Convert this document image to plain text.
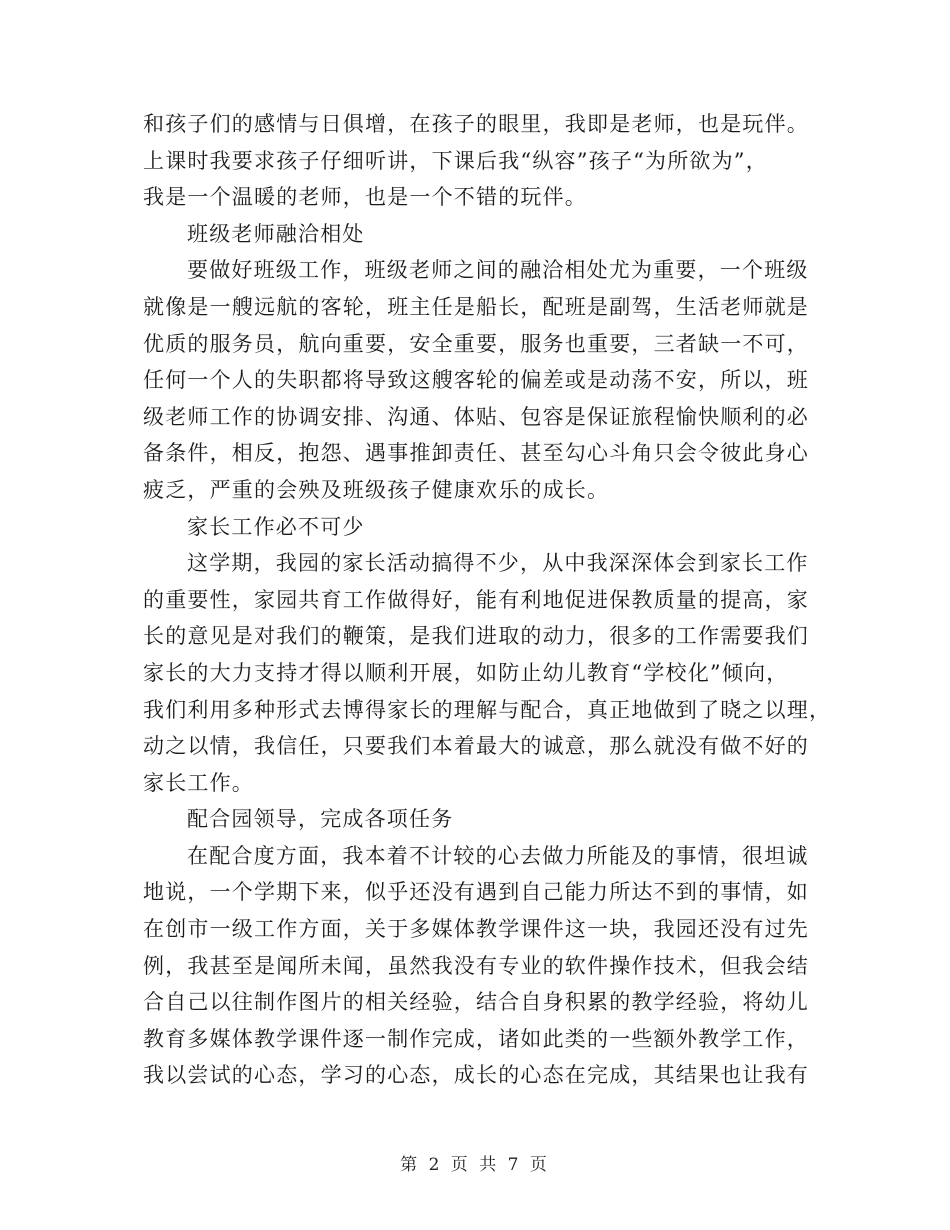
和孩子们的感情与日俱增，在孩子的眼里，我即是老师，也是玩伴。
上课时我要求孩子仔细听讲，下课后我“纵容”孩子“为所欲为”，
我是一个温暖的老师，也是一个不错的玩伴。
班级老师融洽相处
要做好班级工作，班级老师之间的融洽相处尤为重要，一个班级
就像是一艘远航的客轮，班主任是船长，配班是副驾，生活老师就是
优质的服务员，航向重要，安全重要，服务也重要，三者缺一不可，
任何一个人的失职都将导致这艘客轮的偏差或是动荡不安，所以，班
级老师工作的协调安排、沟通、体贴、包容是保证旅程愉快顺利的必
备条件，相反，抱怨、遇事推卸责任、甚至勾心斗角只会令彼此身心
疲乏，严重的会殃及班级孩子健康欢乐的成长。
家长工作必不可少
这学期，我园的家长活动搞得不少，从中我深深体会到家长工作
的重要性，家园共育工作做得好，能有利地促进保教质量的提高，家
长的意见是对我们的鞭策，是我们进取的动力，很多的工作需要我们
家长的大力支持才得以顺利开展，如防止幼儿教育“学校化”倾向，
我们利用多种形式去博得家长的理解与配合，真正地做到了晓之以理，
动之以情，我信任，只要我们本着最大的诚意，那么就没有做不好的
家长工作。
配合园领导，完成各项任务
在配合度方面，我本着不计较的心去做力所能及的事情，很坦诚
地说，一个学期下来，似乎还没有遇到自己能力所达不到的事情，如
在创市一级工作方面，关于多媒体教学课件这一块，我园还没有过先
例，我甚至是闻所未闻，虽然我没有专业的软件操作技术，但我会结
合自己以往制作图片的相关经验，结合自身积累的教学经验，将幼儿
教育多媒体教学课件逐一制作完成，诸如此类的一些额外教学工作，
我以尝试的心态，学习的心态，成长的心态在完成，其结果也让我有
第 2 页 共 7 页
